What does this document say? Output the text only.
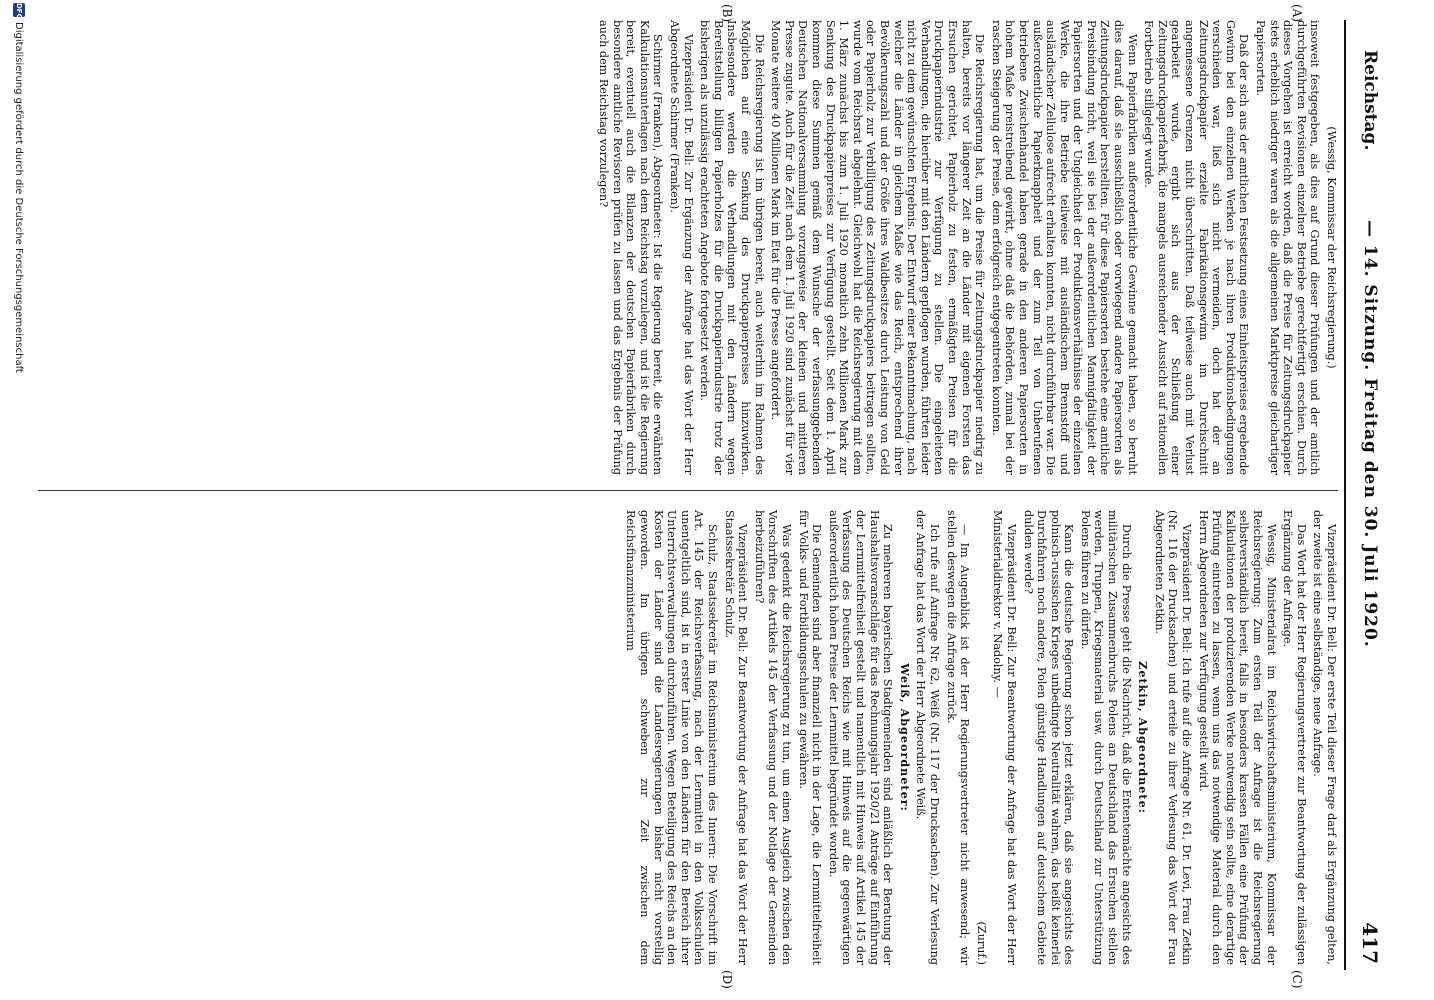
Reichstag.
— 14. Sitzung. Freitag den 30. Juli 1920.
417
(A)
(B)
(C)
(D)

(Wessig, Kommissar der Reichsregierung.)

insoweit festgegeben, als dies auf Grund dieser Prüfungen und der amtlich durchgeführten Revisionen einzelner Betriebe gerechtfertigt erschien. Durch dieses Vorgehen ist erreicht worden, daß die Preise für Zeitungsdruckpapier stets erheblich niedriger waren als die allgemeinen Marktpreise gleichartiger Papiersorten.

Daß der sich aus der amtlichen Festsetzung eines Einheitspreises ergebende Gewinn bei den einzelnen Werken je nach ihren Produktionsbedingungen verschieden war, ließ sich nicht vermeiden, doch hat der an Zeitungsdruckpapier erzielte Fabrikationsgewinn im Durchschnitt angemessene Grenzen nicht überschritten. Daß teilweise auch mit Verlust gearbeitet wurde, ergibt sich aus der Schließung einer Zeitungsdruckpapierfabrik, die mangels ausreichender Aussicht auf rationellen Fortbetrieb stillgelegt wurde.

Wenn Papierfabriken außerordentliche Gewinne gemacht haben, so beruht dies darauf, daß sie ausschließlich oder vorwiegend andere Papiersorten als Zeitungsdruckpapier herstellten. Für diese Papiersorten bestehe eine amtliche Preisbindung nicht, weil sie bei der außerordentlichen Mannigfaltigkeit der Papiersorten und der Ungleichheit der Produktionsverhältnisse der einzelnen Werke, die ihre Betriebe teilweise mit ausländischem Brennstoff und ausländischer Zellulose aufrecht erhalten konnten, nicht durchführbar war. Die außerordentliche Papierknappheit und der zum Teil von Unberufenen betriebene Zwischenhandel haben gerade in den anderen Papiersorten in hohem Maße preistreibend gewirkt, ohne daß die Behörden, zumal bei der raschen Steigerung der Preise, dem erfolgreich entgegentreten konnten.

Die Reichsregierung hat, um die Preise für Zeitungsdruckpapier niedrig zu halten, bereits vor längerer Zeit an die Länder mit eigenen Forsten das Ersuchen gerichtet, Papierholz zu festen, ermäßigten Preisen für die Druckpapierindustrie zur Verfügung zu stellen. Die eingeleiteten Verhandlungen, die hierüber mit den Ländern gepflogen wurden, führten leider nicht zu dem gewünschten Ergebnis. Der Entwurf einer Bekanntmachung, nach welcher die Länder in gleichem Maße wie das Reich, entsprechend ihrer Bevölkerungszahl und der Größe ihres Waldbesitzes durch Leistung von Geld oder Papierholz zur Verbilligung des Zeitungsdruckpapiers beitragen sollten, wurde vom Reichsrat abgelehnt. Gleichwohl hat die Reichsregierung mit dem 1. März zunächst bis zum 1. Juli 1920 monatlich zehn Millionen Mark zur Senkung des Druckpapierpreises zur Verfügung gestellt. Seit dem 1. April kommen diese Summen gemäß dem Wunsche der verfassunggebenden Deutschen Nationalversammlung vorzugsweise der kleinen und mittleren Presse zugute. Auch für die Zeit nach dem 1. Juli 1920 sind zunächst für vier Monate weitere 40 Millionen Mark im Etat für die Presse angefordert.

Die Reichsregierung ist im übrigen bereit, auch weiterhin im Rahmen des Möglichen auf eine Senkung des Druckpapierpreises hinzuwirken. Insbesondere werden die Verhandlungen mit den Ländern wegen Bereitstellung billigen Papierholzes für die Druckpapierindustrie trotz der bisherigen als unzulässig erachteten Angebote fortgesetzt werden.

Vizepräsident Dr. Bell: Zur Ergänzung der Anfrage hat das Wort der Herr Abgeordnete Schirmer (Franken).

Schirmer (Franken), Abgeordneter: Ist die Regierung bereit, die erwähnten Kalkulationsunterlagen nach dem Reichstag vorzulegen, und ist die Regierung bereit, eventuell auch die Bilanzen der deutschen Papierfabriken durch besondere amtliche Revisoren prüfen zu lassen und das Ergebnis der Prüfung auch dem Reichstag vorzulegen?

Vizepräsident Dr. Bell: Der erste Teil dieser Frage darf als Ergänzung gelten, der zweite ist eine selbständige, neue Anfrage.

Das Wort hat der Herr Regierungsvertreter zur Beantwortung der zulässigen Ergänzung der Anfrage.

Wessig, Ministerialrat im Reichswirtschaftsministerium, Kommissar der Reichsregierung: Zum ersten Teil der Anfrage ist die Reichsregierung selbstverständlich bereit, falls in besonders krassen Fällen eine Prüfung der Kalkulationen der produzierenden Werke notwendig sein sollte, eine derartige Prüfung eintreten zu lassen, wenn uns das notwendige Material durch den Herrn Abgeordneten zur Verfügung gestellt wird.

Vizepräsident Dr. Bell: Ich rufe auf die Anfrage Nr. 61, Dr. Levi, Frau Zetkin (Nr. 116 der Drucksachen) und erteile zu ihrer Verlesung das Wort der Frau Abgeordneten Zetkin.

Zetkin, Abgeordnete:

Durch die Presse geht die Nachricht, daß die Ententemächte angesichts des militärischen Zusammenbruchs Polens an Deutschland das Ersuchen stellen werden, Truppen, Kriegsmaterial usw. durch Deutschland zur Unterstützung Polens führen zu dürfen.

Kann die deutsche Regierung schon jetzt erklären, daß sie angesichts des polnisch-russischen Krieges unbedingte Neutralität wahren, das heißt keinerlei Durchfahren noch andere, Polen günstige Handlungen auf deutschem Gebiete dulden werde?

Vizepräsident Dr. Bell: Zur Beantwortung der Anfrage hat das Wort der Herr Ministerialdirektor v. Nadolny. —

(Zuruf.)

— Im Augenblick ist der Herr Regierungsvertreter nicht anwesend; wir stellen deswegen die Anfrage zurück.

Ich rufe auf Anfrage Nr. 62, Weiß (Nr. 117 der Drucksachen). Zur Verlesung der Anfrage hat das Wort der Herr Abgeordnete Weiß.

Weiß, Abgeordneter:

Zu mehreren bayerischen Stadtgemeinden sind anläßlich der Beratung der Haushaltsvoranschläge für das Rechnungsjahr 1920/21 Anträge auf Einführung der Lernmittelfreiheit gestellt und namentlich mit Hinweis auf Artikel 145 der Verfassung des Deutschen Reichs wie mit Hinweis auf die gegenwärtigen außerordentlich hohen Preise der Lernmittel begründet worden.

Die Gemeinden sind aber finanziell nicht in der Lage, die Lernmittelfreiheit für Volks- und Fortbildungsschulen zu gewähren.

Was gedenkt die Reichsregierung zu tun, um einen Ausgleich zwischen den Vorschriften des Artikels 145 der Verfassung und der Notlage der Gemeinden herbeizuführen?

Vizepräsident Dr. Bell: Zur Beantwortung der Anfrage hat das Wort der Herr Staatssekretär Schulz.

Schulz, Staatssekretär im Reichsministerium des Innern: Die Vorschrift im Art. 145 der Reichsverfassung, nach der Lernmittel in den Volksschulen unentgeltlich sind, ist in erster Linie von den Ländern für den Bereich ihrer Unterrichtsverwaltungen durchzuführen. Wegen Beteiligung des Reichs an den Kosten der Länder sind die Landesregierungen bisher nicht vorstellig geworden. Im übrigen schweben zur Zeit zwischen dem Reichsfinanzministerium

DFG
Digitalisierung gefördert durch die Deutsche Forschungsgemeinschaft
